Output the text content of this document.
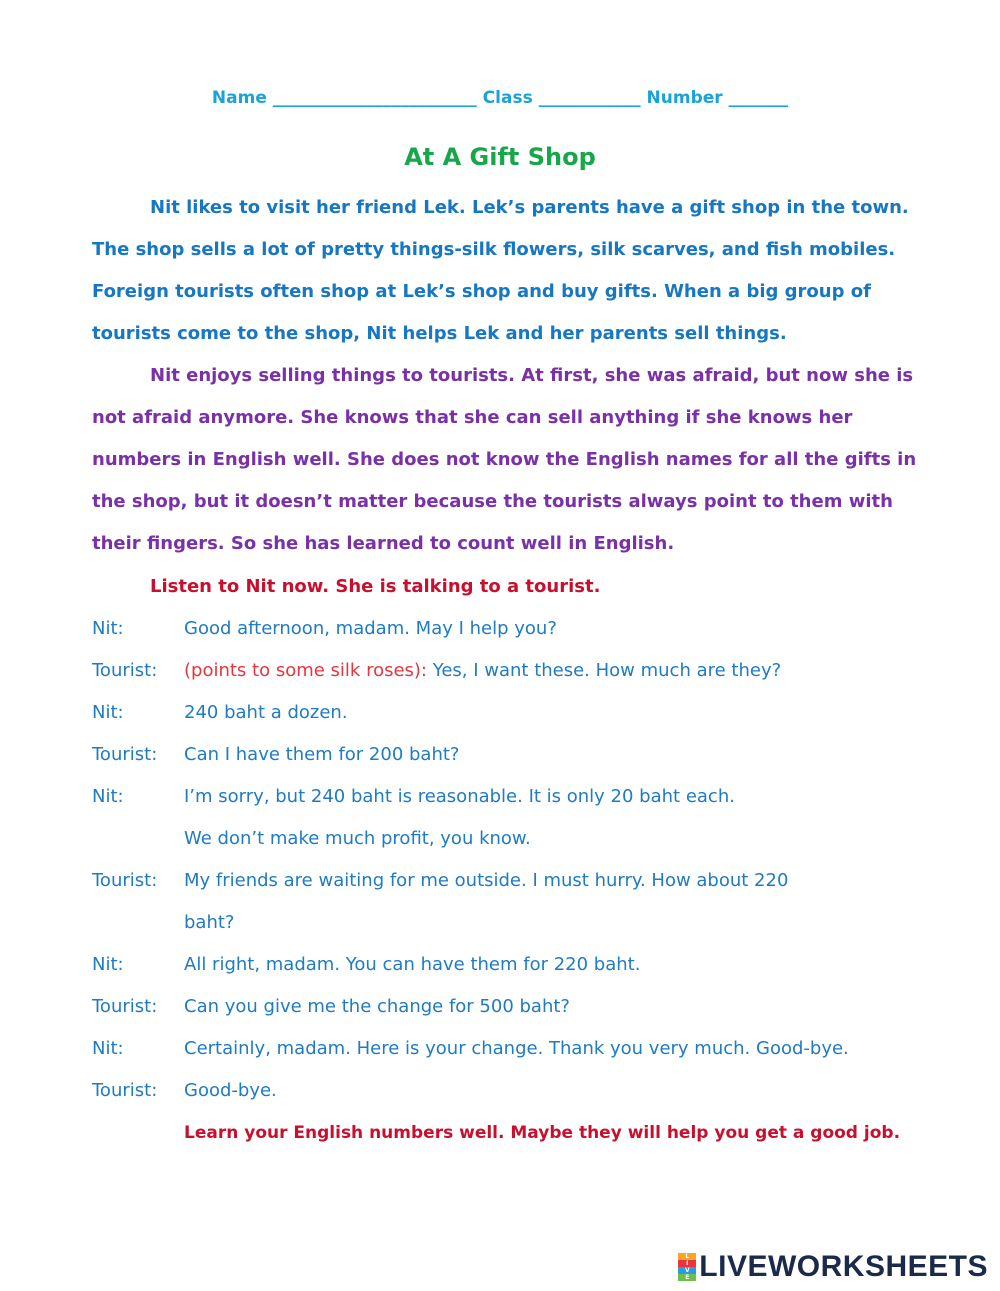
Name ________________________ Class ____________ Number _______
At A Gift Shop

Nit likes to visit her friend Lek. Lek’s parents have a gift shop in the town. The shop sells a lot of pretty things-silk flowers, silk scarves, and fish mobiles. Foreign tourists often shop at Lek’s shop and buy gifts. When a big group of tourists come to the shop, Nit helps Lek and her parents sell things.

Nit enjoys selling things to tourists. At first, she was afraid, but now she is not afraid anymore. She knows that she can sell anything if she knows her numbers in English well. She does not know the English names for all the gifts in the shop, but it doesn’t matter because the tourists always point to them with their fingers. So she has learned to count well in English.

Listen to Nit now. She is talking to a tourist.
Nit:	Good afternoon, madam. May I help you?
Tourist:	(points to some silk roses): Yes, I want these. How much are they?
Nit:	240 baht a dozen.
Tourist:	Can I have them for 200 baht?
Nit:	I’m sorry, but 240 baht is reasonable. It is only 20 baht each.
We don’t make much profit, you know.
Tourist:	My friends are waiting for me outside. I must hurry. How about 220
baht?
Nit:	All right, madam. You can have them for 220 baht.
Tourist:	Can you give me the change for 500 baht?
Nit:	Certainly, madam. Here is your change. Thank you very much. Good-bye.
Tourist:	Good-bye.
Learn your English numbers well. Maybe they will help you get a good job.
L
I
V
E LIVEWORKSHEETS
